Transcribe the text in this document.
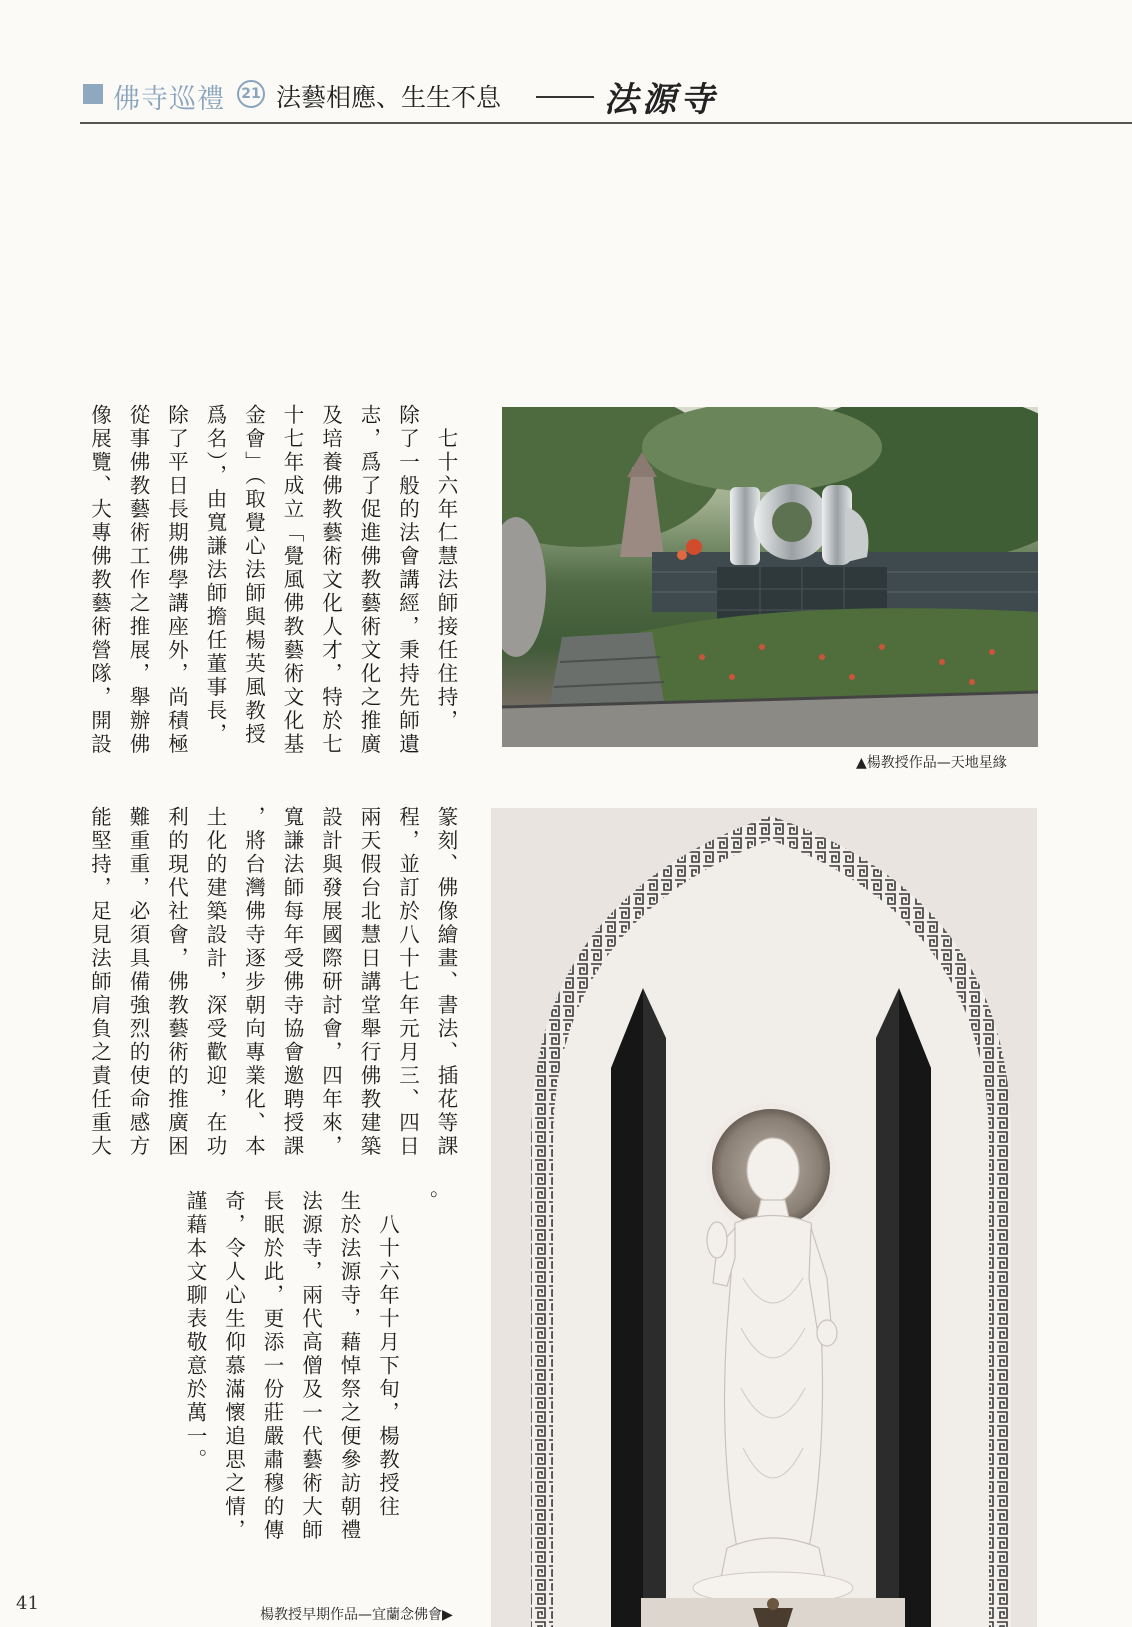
佛寺巡禮	21 法藝相應、生生不息	法源寺
　七十六年仁慧法師接任住持，
除了一般的法會講經，秉持先師遺
志，爲了促進佛教藝術文化之推廣
及培養佛教藝術文化人才，特於七
十七年成立「覺風佛教藝術文化基
金會」（取覺心法師與楊英風教授
爲名），由寬謙法師擔任董事長，
除了平日長期佛學講座外，尚積極
從事佛教藝術工作之推展，舉辦佛
像展覽、大專佛教藝術營隊，開設
篆刻、佛像繪畫、書法、插花等課
程，並訂於八十七年元月三、四日
兩天假台北慧日講堂舉行佛教建築
設計與發展國際研討會，四年來，
寬謙法師每年受佛寺協會邀聘授課
，將台灣佛寺逐步朝向專業化、本
土化的建築設計，深受歡迎，在功
利的現代社會，佛教藝術的推廣困
難重重，必須具備強烈的使命感方
能堅持，足見法師肩負之責任重大
。
　八十六年十月下旬，楊教授往
生於法源寺，藉悼祭之便參訪朝禮
法源寺，兩代高僧及一代藝術大師
長眠於此，更添一份莊嚴肅穆的傳
奇，令人心生仰慕滿懷追思之情，
謹藉本文聊表敬意於萬一。
▲楊教授作品—天地星緣
楊教授早期作品—宜蘭念佛會▶
41
